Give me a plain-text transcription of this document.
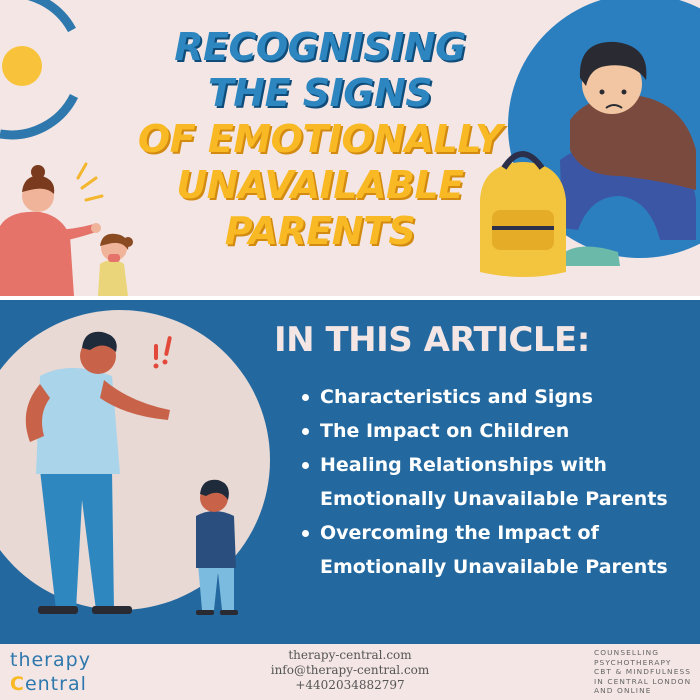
RECOGNISING
THE SIGNS
OF EMOTIONALLY
UNAVAILABLE
PARENTS
IN THIS ARTICLE:
Characteristics and Signs
The Impact on Children
Healing Relationships with
Emotionally Unavailable Parents
Overcoming the Impact of
Emotionally Unavailable Parents
therapy
Central
therapy-central.com
info@therapy-central.com
+4402034882797
COUNSELLING
PSYCHOTHERAPY
CBT & MINDFULNESS
IN CENTRAL LONDON
AND ONLINE
